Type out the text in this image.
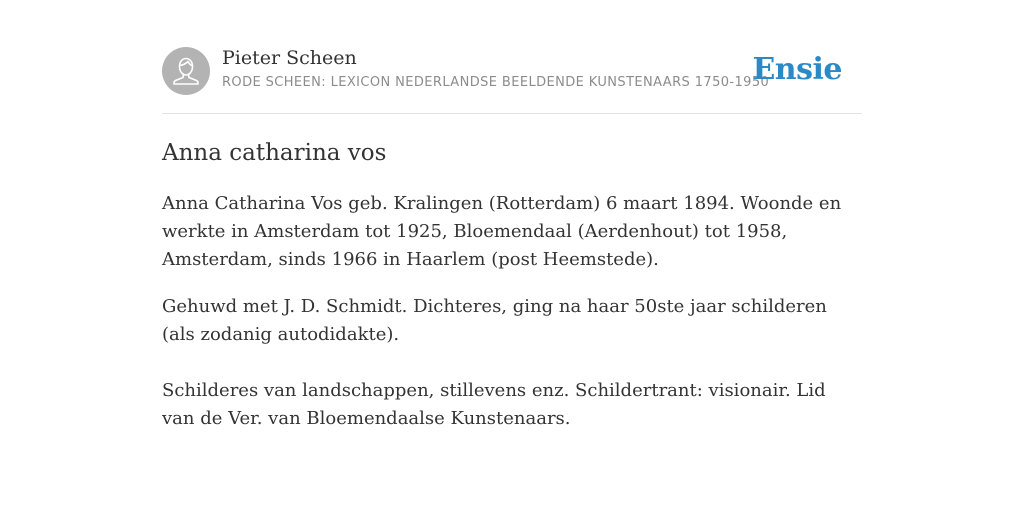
Pieter Scheen
RODE SCHEEN: LEXICON NEDERLANDSE BEELDENDE KUNSTENAARS 1750-1950
Ensie
Anna catharina vos

Anna Catharina Vos geb. Kralingen (Rotterdam) 6 maart 1894. Woonde en werkte in Amsterdam tot 1925, Bloemendaal (Aerdenhout) tot 1958, Amsterdam, sinds 1966 in Haarlem (post Heemstede).

Gehuwd met J. D. Schmidt. Dichteres, ging na haar 50ste jaar schilderen (als zodanig autodidakte).

Schilderes van landschappen, stillevens enz. Schildertrant: visionair. Lid van de Ver. van Bloemendaalse Kunstenaars.
